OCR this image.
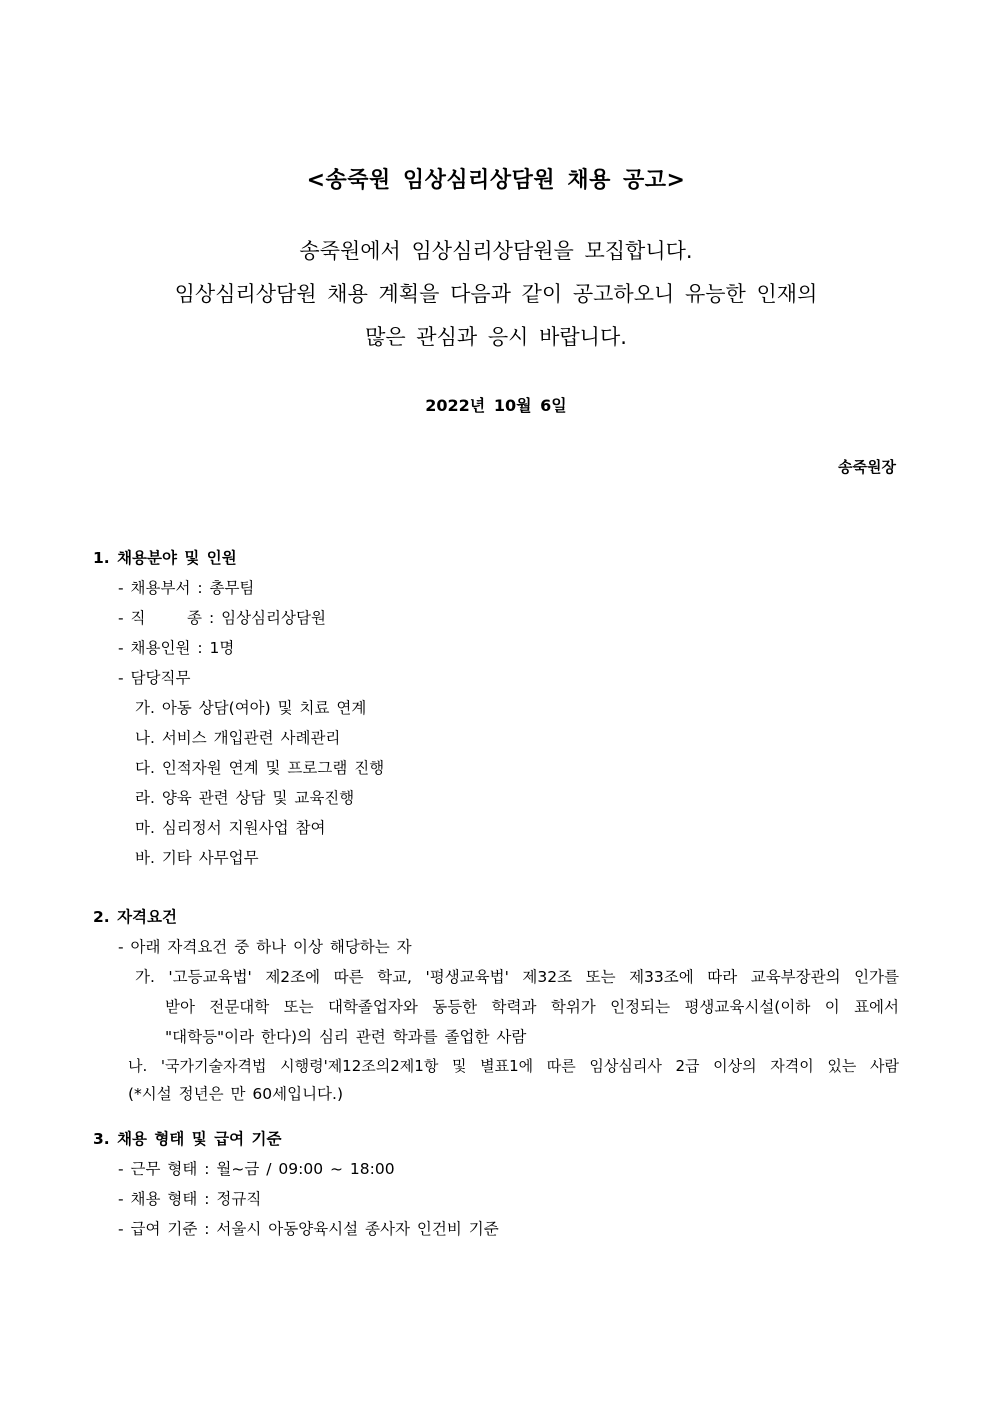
<송죽원 임상심리상담원 채용 공고>
송죽원에서 임상심리상담원을 모집합니다.
임상심리상담원 채용 계획을 다음과 같이 공고하오니 유능한 인재의
많은 관심과 응시 바랍니다.
2022년 10월 6일
송죽원장
1. 채용분야 및 인원
- 채용부서 : 총무팀
- 직      종 : 임상심리상담원
- 채용인원 : 1명
- 담당직무
가. 아동 상담(여아) 및 치료 연계
나. 서비스 개입관련 사례관리
다. 인적자원 연계 및 프로그램 진행
라. 양육 관련 상담 및 교육진행
마. 심리정서 지원사업 참여
바. 기타 사무업무
2. 자격요건
- 아래 자격요건 중 하나 이상 해당하는 자
가. '고등교육법' 제2조에 따른 학교, '평생교육법' 제32조 또는 제33조에 따라 교육부장관의 인가를
받아 전문대학 또는 대학졸업자와 동등한 학력과 학위가 인정되는 평생교육시설(이하 이 표에서
"대학등"이라 한다)의 심리 관련 학과를 졸업한 사람
나. '국가기술자격법 시행령'제12조의2제1항 및 별표1에 따른 임상심리사 2급 이상의 자격이 있는 사람
(*시설 정년은 만 60세입니다.)
3. 채용 형태 및 급여 기준
- 근무 형태 : 월~금 / 09:00 ~ 18:00
- 채용 형태 : 정규직
- 급여 기준 : 서울시 아동양육시설 종사자 인건비 기준
